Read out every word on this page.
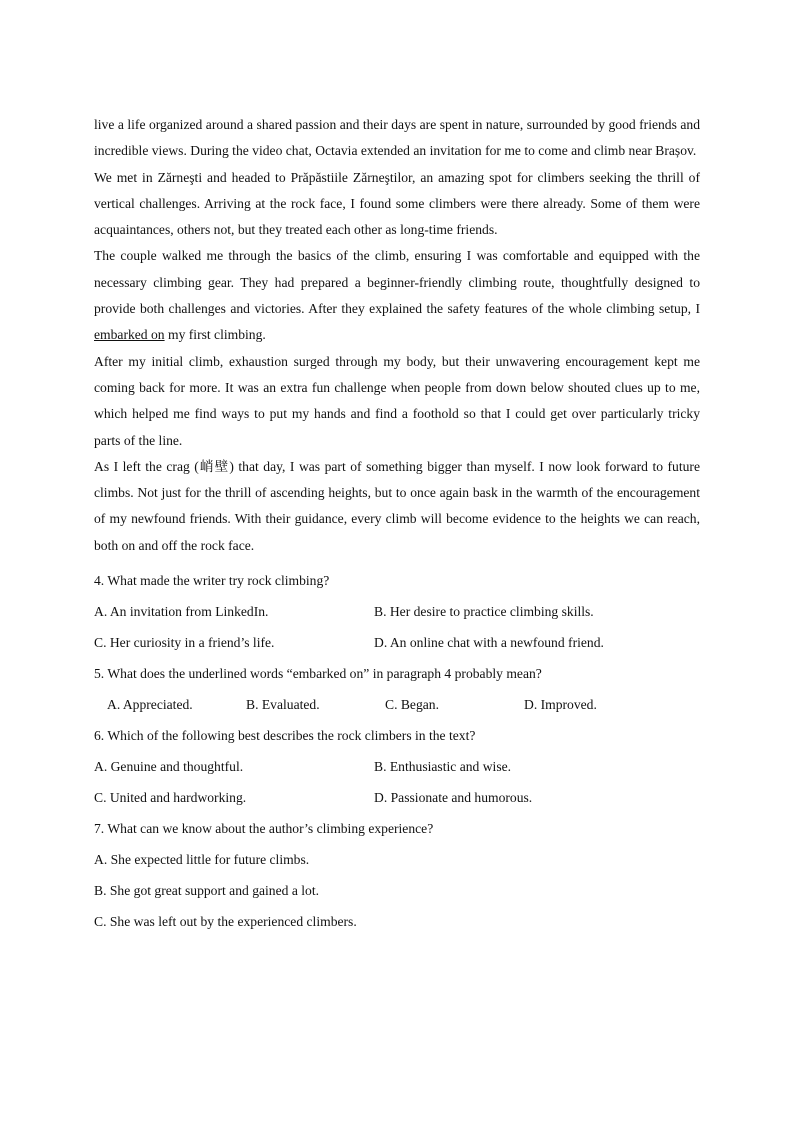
live a life organized around a shared passion and their days are spent in nature, surrounded by good friends and incredible views. During the video chat, Octavia extended an invitation for me to come and climb near Brașov.

We met in Zărneşti and headed to Prăpăstiile Zărneştilor, an amazing spot for climbers seeking the thrill of vertical challenges. Arriving at the rock face, I found some climbers were there already. Some of them were acquaintances, others not, but they treated each other as long-time friends.

The couple walked me through the basics of the climb, ensuring I was comfortable and equipped with the necessary climbing gear. They had prepared a beginner-friendly climbing route, thoughtfully designed to provide both challenges and victories. After they explained the safety features of the whole climbing setup, I embarked on my first climbing.

After my initial climb, exhaustion surged through my body, but their unwavering encouragement kept me coming back for more. It was an extra fun challenge when people from down below shouted clues up to me, which helped me find ways to put my hands and find a foothold so that I could get over particularly tricky parts of the line.

As I left the crag (峭壁) that day, I was part of something bigger than myself. I now look forward to future climbs. Not just for the thrill of ascending heights, but to once again bask in the warmth of the encouragement of my newfound friends. With their guidance, every climb will become evidence to the heights we can reach, both on and off the rock face.

4. What made the writer try rock climbing?
A. An invitation from LinkedIn.	B. Her desire to practice climbing skills.
C. Her curiosity in a friend’s life.	D. An online chat with a newfound friend.
5. What does the underlined words “embarked on” in paragraph 4 probably mean?
A. Appreciated.	B. Evaluated.	C. Began.	D. Improved.
6. Which of the following best describes the rock climbers in the text?
A. Genuine and thoughtful.	B. Enthusiastic and wise.
C. United and hardworking.	D. Passionate and humorous.
7. What can we know about the author’s climbing experience?
A. She expected little for future climbs.
B. She got great support and gained a lot.
C. She was left out by the experienced climbers.
